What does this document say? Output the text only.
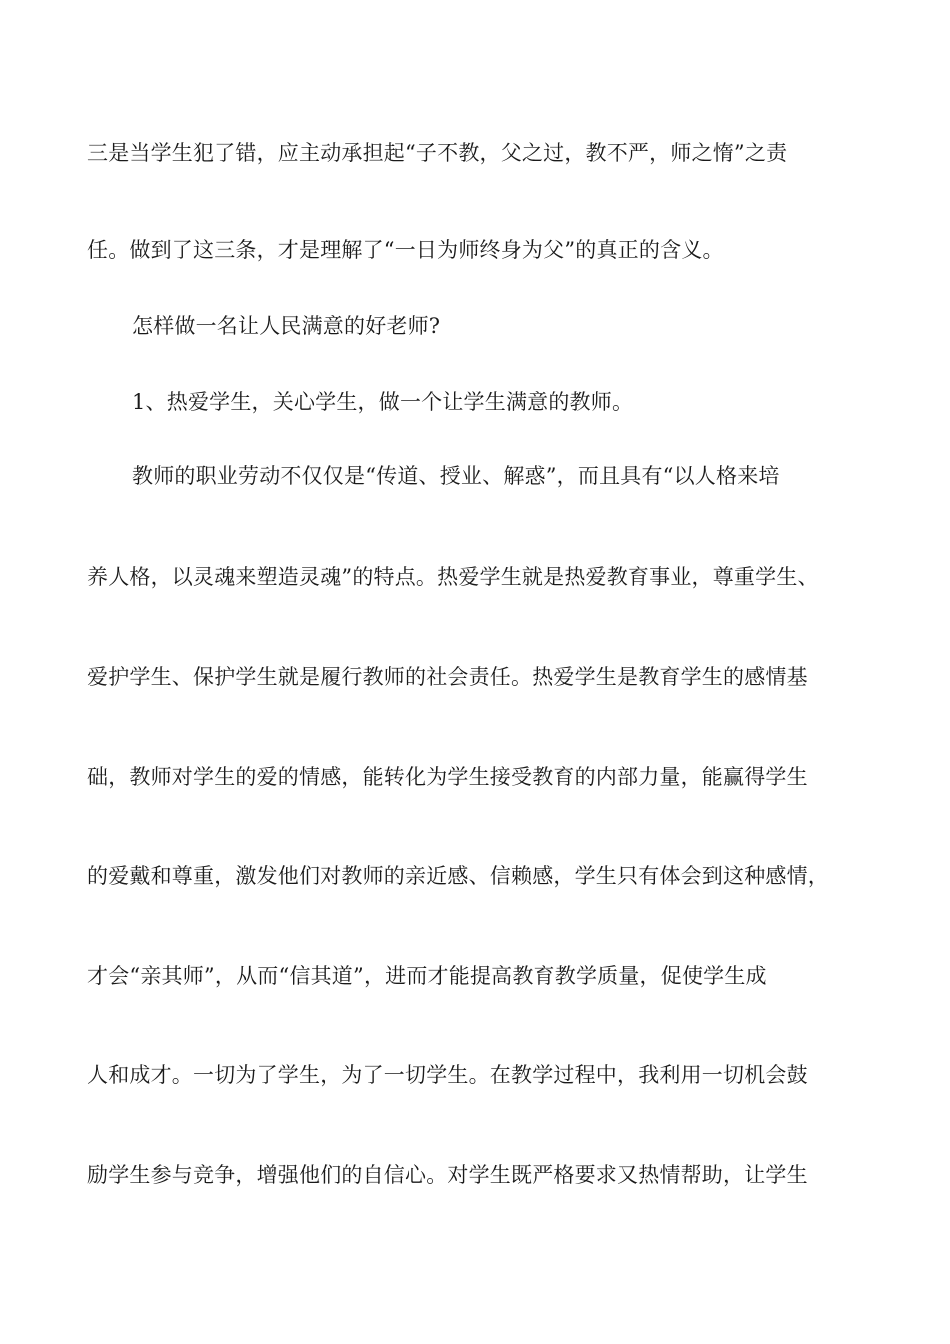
三是当学生犯了错，应主动承担起“子不教，父之过，教不严，师之惰”之责
任。做到了这三条，才是理解了“一日为师终身为父”的真正的含义。
怎样做一名让人民满意的好老师?
1、热爱学生，关心学生，做一个让学生满意的教师。
教师的职业劳动不仅仅是“传道、授业、解惑”，而且具有“以人格来培
养人格，以灵魂来塑造灵魂”的特点。热爱学生就是热爱教育事业，尊重学生、
爱护学生、保护学生就是履行教师的社会责任。热爱学生是教育学生的感情基
础，教师对学生的爱的情感，能转化为学生接受教育的内部力量，能赢得学生
的爱戴和尊重，激发他们对教师的亲近感、信赖感，学生只有体会到这种感情，
才会“亲其师”，从而“信其道”，进而才能提高教育教学质量，促使学生成
人和成才。一切为了学生，为了一切学生。在教学过程中，我利用一切机会鼓
励学生参与竞争，增强他们的自信心。对学生既严格要求又热情帮助，让学生
